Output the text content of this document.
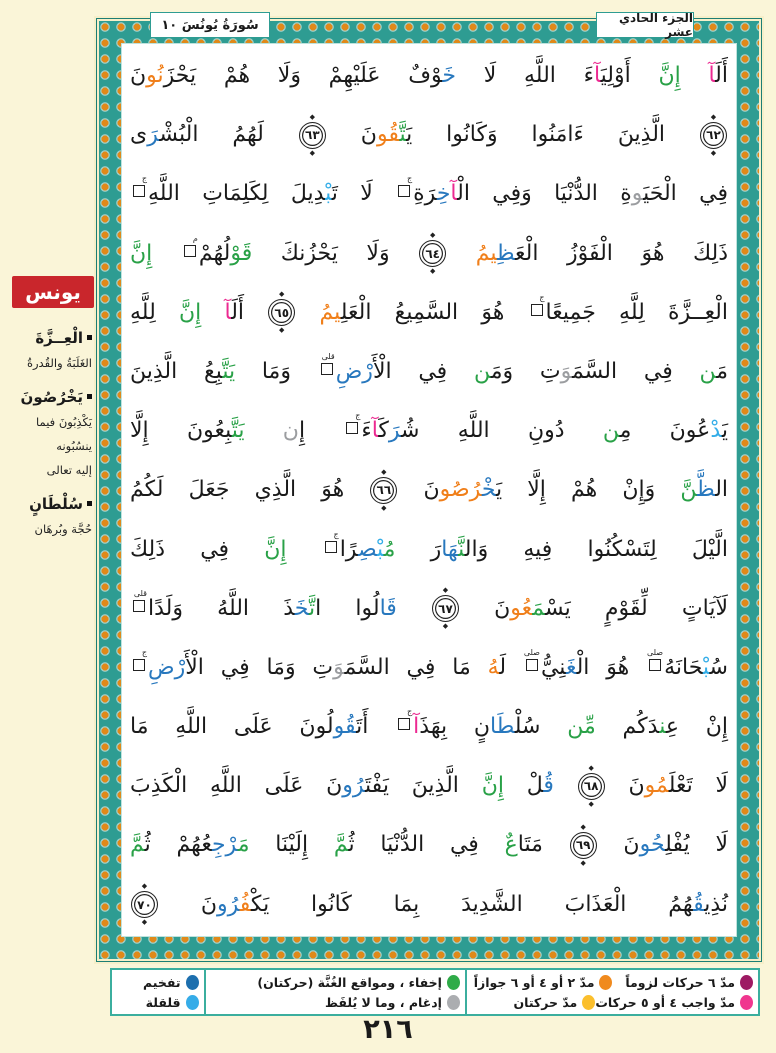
سُورَةُ يُونُسَ ١٠	الجزء الحادي عشر
أَلَ‍‍آ إِنَّ أَوْلِيَ‍‍آءَ اللَّهِ لَا خَ‍‍وْفٌ عَلَيْهِمْ وَلَا هُمْ يَحْزَنُونَ
◆ ٦٢ ◆ الَّذِينَ ءَامَنُوا وَكَانُوا يَ‍‍تَّ‍‍قُونَ ◆ ٦٣ ◆ لَهُمُ الْبُشْ‍‍رَى
فِي الْحَيَ‍‍وةِ الدُّنْيَا وَفِي الْ‍‍آخِ‍‍رَةِ
ج
لَا تَ‍‍بْ‍‍دِيلَ لِكَلِمَاتِ اللَّهِ
ج
ذَلِكَ هُوَ الْفَوْزُ الْعَ‍‍ظِ‍‍يمُ ◆ ٦٤ ◆ وَلَا يَحْزُنكَ قَوْلُهُمْ
م
إِنَّ
الْعِــزَّةَ لِلَّهِ جَمِيعًا
ج
هُوَ السَّمِيعُ الْعَلِ‍‍يمُ ◆ ٦٥ ◆ أَلَ‍‍آ إِنَّ لِلَّهِ
مَ‍‍ن فِي السَّمَ‍‍وَتِ وَمَ‍‍ن فِي الْأَرْضِ
قلى
وَمَا يَتَّ‍‍بِعُ الَّذِينَ
يَ‍‍دْعُونَ مِ‍‍ن دُونِ اللَّهِ شُ‍‍رَكَ‍‍آءَ
ج
إِن يَتَّ‍‍بِعُونَ إِلَّا
ال‍‍ظَّ‍‍نَّ وَإِنْ هُمْ إِلَّا يَ‍‍خْ‍‍رُصُونَ ◆ ٦٦ ◆ هُوَ الَّذِي جَعَلَ لَكُمُ
الَّيْلَ لِتَسْكُنُوا فِيهِ وَال‍‍نَّ‍‍هَارَ مُ‍‍بْ‍‍صِ‍‍رًا
ج
إِنَّ فِي ذَلِكَ
لَآيَاتٍ لِّقَوْمٍ يَسْ‍‍مَ‍‍عُونَ ◆ ٦٧ ◆ قَالُوا اتَّ‍‍خَ‍‍ذَ اللَّهُ وَلَدًا
قلى
سُ‍‍بْ‍‍حَانَهُ
صلى
هُوَ الْ‍‍غَ‍‍نِيُّ
صلى
لَ‍‍هُ مَا فِي السَّمَ‍‍وَتِ وَمَا فِي الْأَرْضِ
ج
إِنْ عِ‍‍ن‍‍دَكُم مِّن سُلْ‍‍طَانٍ بِهَذَآ
ج
أَتَ‍‍قُولُونَ عَلَى اللَّهِ مَا
لَا تَعْلَ‍‍مُونَ ◆ ٦٨ ◆ قُ‍‍لْ إِنَّ الَّذِينَ يَفْتَ‍‍رُونَ عَلَى اللَّهِ الْكَذِبَ
لَا يُفْلِ‍‍حُونَ ◆ ٦٩ ◆ مَتَاعٌ فِي الدُّنْيَا ثُ‍‍مَّ إِلَيْنَا مَ‍‍رْجِ‍‍عُهُمْ ثُ‍‍مَّ
نُذِي‍‍قُ‍‍هُمُ الْعَذَابَ الشَّدِيدَ بِمَا كَانُوا يَكْ‍‍فُ‍‍رُونَ ◆ ٧٠ ◆
يونس
الْعِــزَّةَ
الغَلَبَةُ والقُدرةُ
يَخْرُصُونَ
يَكْذِبُونَ فيما
ينسُبُونه
إليه تعالى
سُلْطَانٍ
حُجَّة وبُرهَان
مدّ ٦ حركات لزوماً
مدّ ٢ أو ٤ أو ٦ جوازاً
مدّ واجب ٤ أو ٥ حركات
مدّ حركتان
إخفاء ، ومواقع الغُنَّة (حركتان)
إدغام ، وما لا يُلفَظ
تفخيم
قلقلة
٢١٦
